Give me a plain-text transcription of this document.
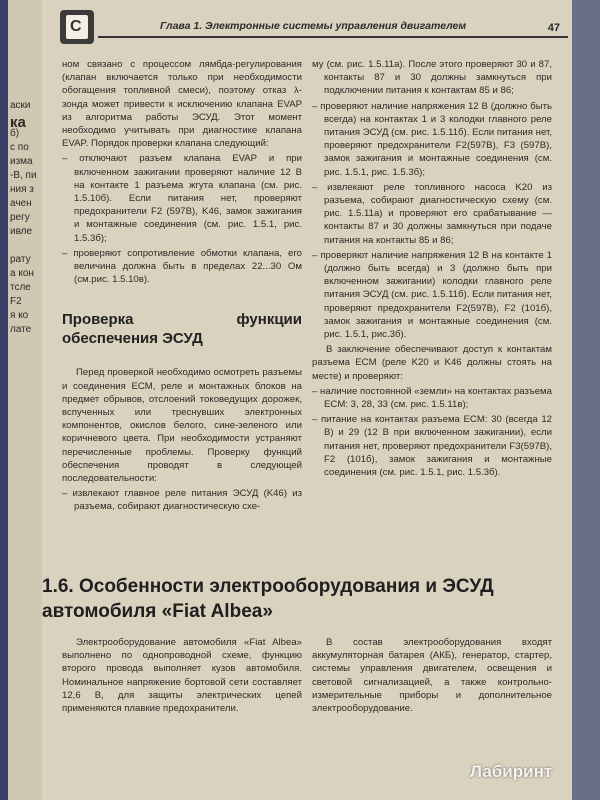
аски
ка
б)
с по
изма
-В, пи
ния з
ачен
регу
ивле
рату
а кон
тсле
F2
я ко
лате
С	Глава 1. Электронные системы управления двигателем	47

ном связано с процессом лямбда-регулирования (клапан включается только при необходимости обогащения топливной смеси), поэтому отказ λ-зонда может привести к исключению клапана EVAP из алгоритма работы ЭСУД. Этот момент необходимо учитывать при диагностике клапана EVAP. Порядок проверки клапана следующий:

– отключают разъем клапана EVAP и при включенном зажигании проверяют наличие 12 В на контакте 1 разъема жгута клапана (см. рис. 1.5.10б). Если питания нет, проверяют предохранители F2 (597В), K46, замок зажигания и монтажные соединения (см. рис. 1.5.1, рис. 1.5.3б);

– проверяют сопротивление обмотки клапана, его величина должна быть в пределах 22...30 Ом (см.рис. 1.5.10в).

Проверка функции обеспечения ЭСУД

Перед проверкой необходимо осмотреть разъемы и соединения ECM, реле и монтажных блоков на предмет обрывов, отслоений токоведущих дорожек, вспученных или треснувших электронных компонентов, окислов белого, сине-зеленого или коричневого цвета. При необходимости устраняют перечисленные проблемы. Проверку функций обеспечения проводят в следующей последовательности:

– извлекают главное реле питания ЭСУД (K46) из разъема, собирают диагностическую схе-

му (см. рис. 1.5.11а). После этого проверяют 30 и 87, контакты 87 и 30 должны замкнуться при подключении питания к контактам 85 и 86;

– проверяют наличие напряжения 12 В (должно быть всегда) на контактах 1 и 3 колодки главного реле питания ЭСУД (см. рис. 1.5.11б). Если питания нет, проверяют предохранители F2(597B), F3 (597В), замок зажигания и монтажные соединения (см. рис. 1.5.1, рис. 1.5.3б);

– извлекают реле топливного насоса K20 из разъема, собирают диагностическую схему (см. рис. 1.5.11а) и проверяют его срабатывание — контакты 87 и 30 должны замкнуться при подаче питания на контакты 85 и 86;

– проверяют наличие напряжения 12 В на контакте 1 (должно быть всегда) и 3 (должно быть при включенном зажигании) колодки главного реле питания ЭСУД (см. рис. 1.5.11б). Если питания нет, проверяют предохранители F2(597В), F2 (101б), замок зажигания и монтажные соединения (см. рис. 1.5.1, рис.3б).

В заключение обеспечивают доступ к контактам разъема ECM (реле K20 и K46 должны стоять на месте) и проверяют:

– наличие постоянной «земли» на контактах разъема ECM: 3, 28, 33 (см. рис. 1.5.11в);

– питание на контактах разъема ECM: 30 (всегда 12 В) и 29 (12 В при включенном зажигании), если питания нет, проверяют предохранители F3(597В), F2 (101б), замок зажигания и монтажные соединения (см. рис. 1.5.1, рис. 1.5.3б).

1.6. Особенности электрооборудования и ЭСУД автомобиля «Fiat Albea»
Электрооборудование автомобиля «Fiat Albea» выполнено по однопроводной схеме, функцию второго провода выполняет кузов автомобиля. Номинальное напряжение бортовой сети составляет 12,6 В, для защиты электрических цепей применяются плавкие предохранители.
В состав электрооборудования входят аккумуляторная батарея (АКБ), генератор, стартер, системы управления двигателем, освещения и световой сигнализацией, а также контрольно-измерительные приборы и дополнительное электрооборудование.
Лабиринт
